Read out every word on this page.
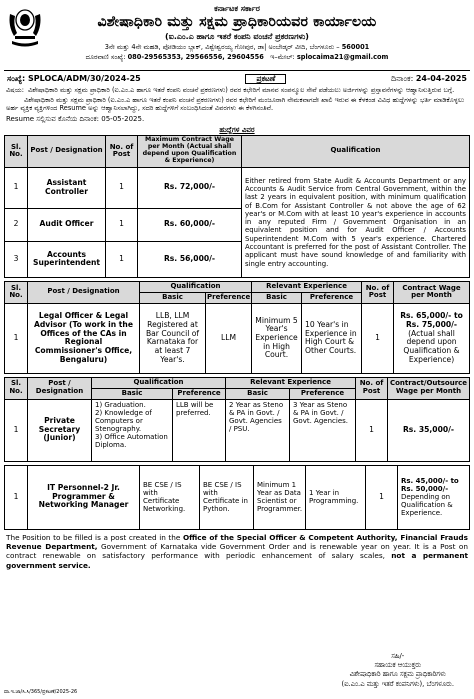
ಕರ್ನಾಟಕ ಸರ್ಕಾರ
ವಿಶೇಷಾಧಿಕಾರಿ ಮತ್ತು ಸಕ್ಷಮ ಪ್ರಾಧಿಕಾರಿಯವರ ಕಾರ್ಯಾಲಯ
(ಐ.ಎಂ.ಎ ಹಾಗೂ ಇತರೆ ಕಂಪನಿ ವಂಚನೆ ಪ್ರಕರಣಗಳು)
3ನೇ ಮತ್ತು 4ನೇ ಮಹಡಿ, ಪೋಡಿಯಂ ಬ್ಲಾಕ್, ವಿಶ್ವೇಶ್ವರಯ್ಯ ಗೋಪುರ, ಡಾ| ಅಂಬೇಡ್ಕರ್ ವೀದಿ, ಬೆಂಗಳೂರು – 560001
ದೂರವಾಣಿ ಸಂಖ್ಯೆ: 080-29565353, 29566556, 29604556 ಇ–ಮೇಲ್: splocaima21@gmail.com
ಸಂಖ್ಯೆ: SPLOCA/ADM/30/2024-25	ಪ್ರಕಟಣೆ	ದಿನಾಂಕ: 24-04-2025
ವಿಷಯ: ವಿಶೇಷಾಧಿಕಾರಿ ಮತ್ತು ಸಕ್ಷಮ ಪ್ರಾಧಿಕಾರಿ (ಐ.ಎಂ.ಎ ಹಾಗೂ ಇತರೆ ಕಂಪನಿ ವಂಚನೆ ಪ್ರಕರಣಗಳು) ರವರ ಕಛೇರಿಗೆ ಮಾನವ ಸಂಪನ್ಮೂಲ ಸೇವೆ ಪಡೆಯಲು ಅರ್ಜಿಗಳನ್ನು ಪ್ರಸ್ತಾವನೆಗಳನ್ನು ಆಹ್ವಾನಿಸುತ್ತಿರುವ ಬಗ್ಗೆ.
ವಿಶೇಷಾಧಿಕಾರಿ ಮತ್ತು ಸಕ್ಷಮ ಪ್ರಾಧಿಕಾರಿ (ಐ.ಎಂ.ಎ ಹಾಗೂ ಇತರೆ ಕಂಪನಿ ವಂಚನೆ ಪ್ರಕರಣಗಳು) ರವರ ಕಛೇರಿಗೆ ಮಂಜೂರಾಗಿ ನೇಮಕವಾಗದೇ ಖಾಲಿ ಇರುವ ಈ ಕೆಳಕಂಡ ವಿವಿಧ ಹುದ್ದೆಗಳನ್ನು ಭರ್ತಿ ಮಾಡಿಕೊಳ್ಳಲು ಅರ್ಹ ವ್ಯಕ್ತಿಕ ವ್ಯಕ್ತಿಗಳಿಂದ Resume ಅನ್ನು ಆಹ್ವಾನಿಸಲಾಗಿದ್ದು, ಸದರಿ ಹುದ್ದೆಗಳಿಗೆ ಸಂಬಂಧಿಸಿದಂತೆ ವಿವರಗಳು ಈ ಕೆಳಗಿನಂತಿವೆ.
Resume ಸಲ್ಲಿಸುವ ಕೊನೆಯ ದಿನಾಂಕ: 05-05-2025.
ಹುದ್ದೆಗಳ ವಿವರ
Sl. No.	Post / Designation	No. of Post	Maximum Contract Wage per Month (Actual shall depend upon Qualification & Experience)	Qualification
1	Assistant Controller	1	Rs. 72,000/-	Either retired from State Audit & Accounts Department or any Accounts & Audit Service from Central Government, within the last 2 years in equivalent position, with minimum qualification of B.Com for Assistant Controller & not above the age of 62 year's or M.Com with at least 10 year's experience in accounts in any reputed Firm / Government Organisation in an equivalent position and for Audit Officer / Accounts Superintendent M.Com with 5 year's experience. Chartered Accountant is preferred for the post of Assistant Controller. The applicant must have sound knowledge of and familiarity with single entry accounting.
2	Audit Officer	1	Rs. 60,000/-	
3	Accounts Superintendent	1	Rs. 56,000/-	
Sl. No.	Post / Designation	Qualification		Relevant Experience		No. of Post	Contract Wage per Month
		Basic	Preference	Basic	Preference		
1	Legal Officer & Legal Advisor (To work in the Offices of the CAs in Regional Commissioner's Office, Bengaluru)	LLB, LLM Registered at Bar Council of Karnataka for at least 7 Year's.	LLM	Minimum 5 Year's Experience in High Court.	10 Year's in Experience in High Court & Other Courts.	1	Rs. 65,000/- to Rs. 75,000/-
(Actual shall depend upon Qualification & Experience)
Sl. No.	Post / Designation	Qualification		Relevant Experience		No. of Post	Contract/Outsource Wage per Month
		Basic	Preference	Basic	Preference		
1	Private Secretary (Junior)	1) Graduation.
2) Knowledge of Computers or Stenography.
3) Office Automation Diploma.	LLB will be preferred.	2 Year as Steno & PA in Govt. / Govt. Agencies / PSU.	3 Year as Steno & PA in Govt. / Govt. Agencies.	1	Rs. 35,000/-
1	IT Personnel-2 Jr. Programmer & Networking Manager	BE CSE / IS with Certificate Networking.	BE CSE / IS with Certificate in Python.	Minimum 1 Year as Data Scientist or Programmer.	1 Year in Programming.	1	
Rs. 45,000/- to Rs. 50,000/-
Depending on Qualification & Experience.
The Position to be filled is a post created in the Office of the Special Officer & Competent Authority, Financial Frauds Revenue Department, Government of Karnataka vide Government Order and is renewable year on year. It is a Post on contract renewable on satisfactory performance with periodic enhancement of salary scales, not a permanent government service.
ಸಹಿ/-
ಸಹಾಯಕ ಆಯುಕ್ತರು
ವಿಶೇಷಾಧಿಕಾರಿ ಹಾಗೂ ಸಕ್ಷಮ ಪ್ರಾಧಿಕಾರಿಗಳು
(ಐ.ಎಂ.ಎ ಮತ್ತು ಇತರೆ ಕಂಪನಿಗಳು), ಬೆಂಗಳೂರು.
ವಾ.ಇ.ಜಾ/ಸಿ.ಸಿ/365/ಪ್ರಕಟಣೆ/2025-26
